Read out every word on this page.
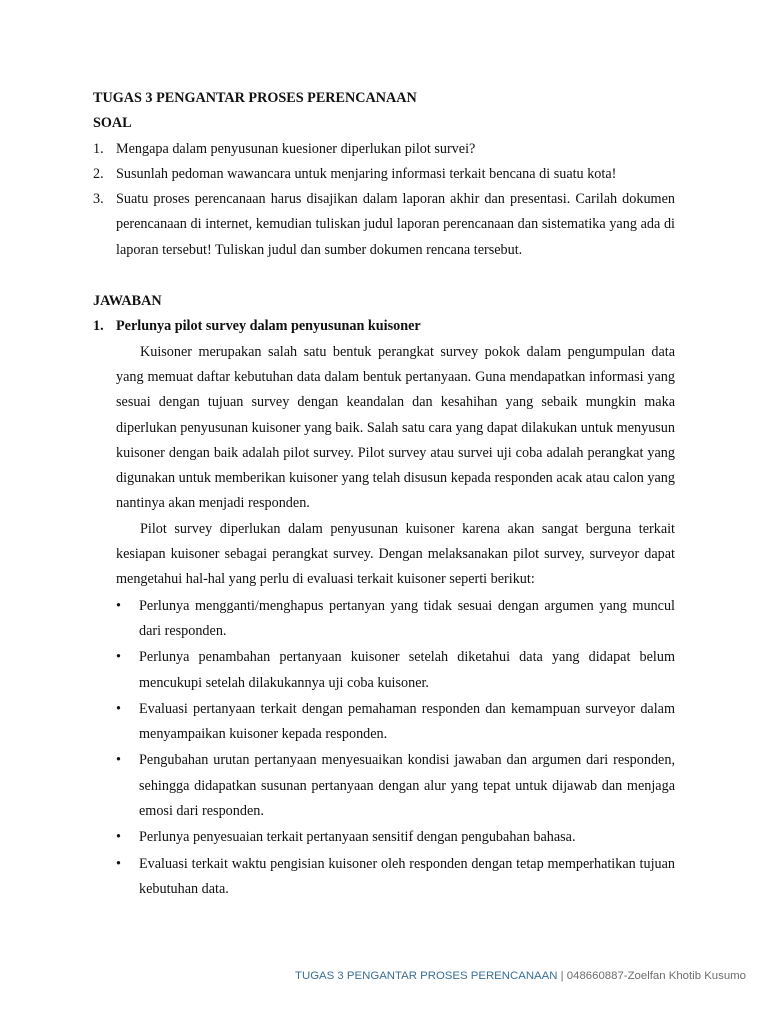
TUGAS 3 PENGANTAR PROSES PERENCANAAN

SOAL

1. Mengapa dalam penyusunan kuesioner diperlukan pilot survei?
2. Susunlah pedoman wawancara untuk menjaring informasi terkait bencana di suatu kota!
3. Suatu proses perencanaan harus disajikan dalam laporan akhir dan presentasi. Carilah dokumen perencanaan di internet, kemudian tuliskan judul laporan perencanaan dan sistematika yang ada di laporan tersebut! Tuliskan judul dan sumber dokumen rencana tersebut.

JAWABAN

1. Perlunya pilot survey dalam penyusunan kuisoner

Kuisoner merupakan salah satu bentuk perangkat survey pokok dalam pengumpulan data yang memuat daftar kebutuhan data dalam bentuk pertanyaan. Guna mendapatkan informasi yang sesuai dengan tujuan survey dengan keandalan dan kesahihan yang sebaik mungkin maka diperlukan penyusunan kuisoner yang baik. Salah satu cara yang dapat dilakukan untuk menyusun kuisoner dengan baik adalah pilot survey. Pilot survey atau survei uji coba adalah perangkat yang digunakan untuk memberikan kuisoner yang telah disusun kepada responden acak atau calon yang nantinya akan menjadi responden.

Pilot survey diperlukan dalam penyusunan kuisoner karena akan sangat berguna terkait kesiapan kuisoner sebagai perangkat survey. Dengan melaksanakan pilot survey, surveyor dapat mengetahui hal-hal yang perlu di evaluasi terkait kuisoner seperti berikut:

• Perlunya mengganti/menghapus pertanyan yang tidak sesuai dengan argumen yang muncul dari responden.
• Perlunya penambahan pertanyaan kuisoner setelah diketahui data yang didapat belum mencukupi setelah dilakukannya uji coba kuisoner.
• Evaluasi pertanyaan terkait dengan pemahaman responden dan kemampuan surveyor dalam menyampaikan kuisoner kepada responden.
• Pengubahan urutan pertanyaan menyesuaikan kondisi jawaban dan argumen dari responden, sehingga didapatkan susunan pertanyaan dengan alur yang tepat untuk dijawab dan menjaga emosi dari responden.
• Perlunya penyesuaian terkait pertanyaan sensitif dengan pengubahan bahasa.
• Evaluasi terkait waktu pengisian kuisoner oleh responden dengan tetap memperhatikan tujuan kebutuhan data.
TUGAS 3 PENGANTAR PROSES PERENCANAAN | 048660887-Zoelfan Khotib Kusumo
